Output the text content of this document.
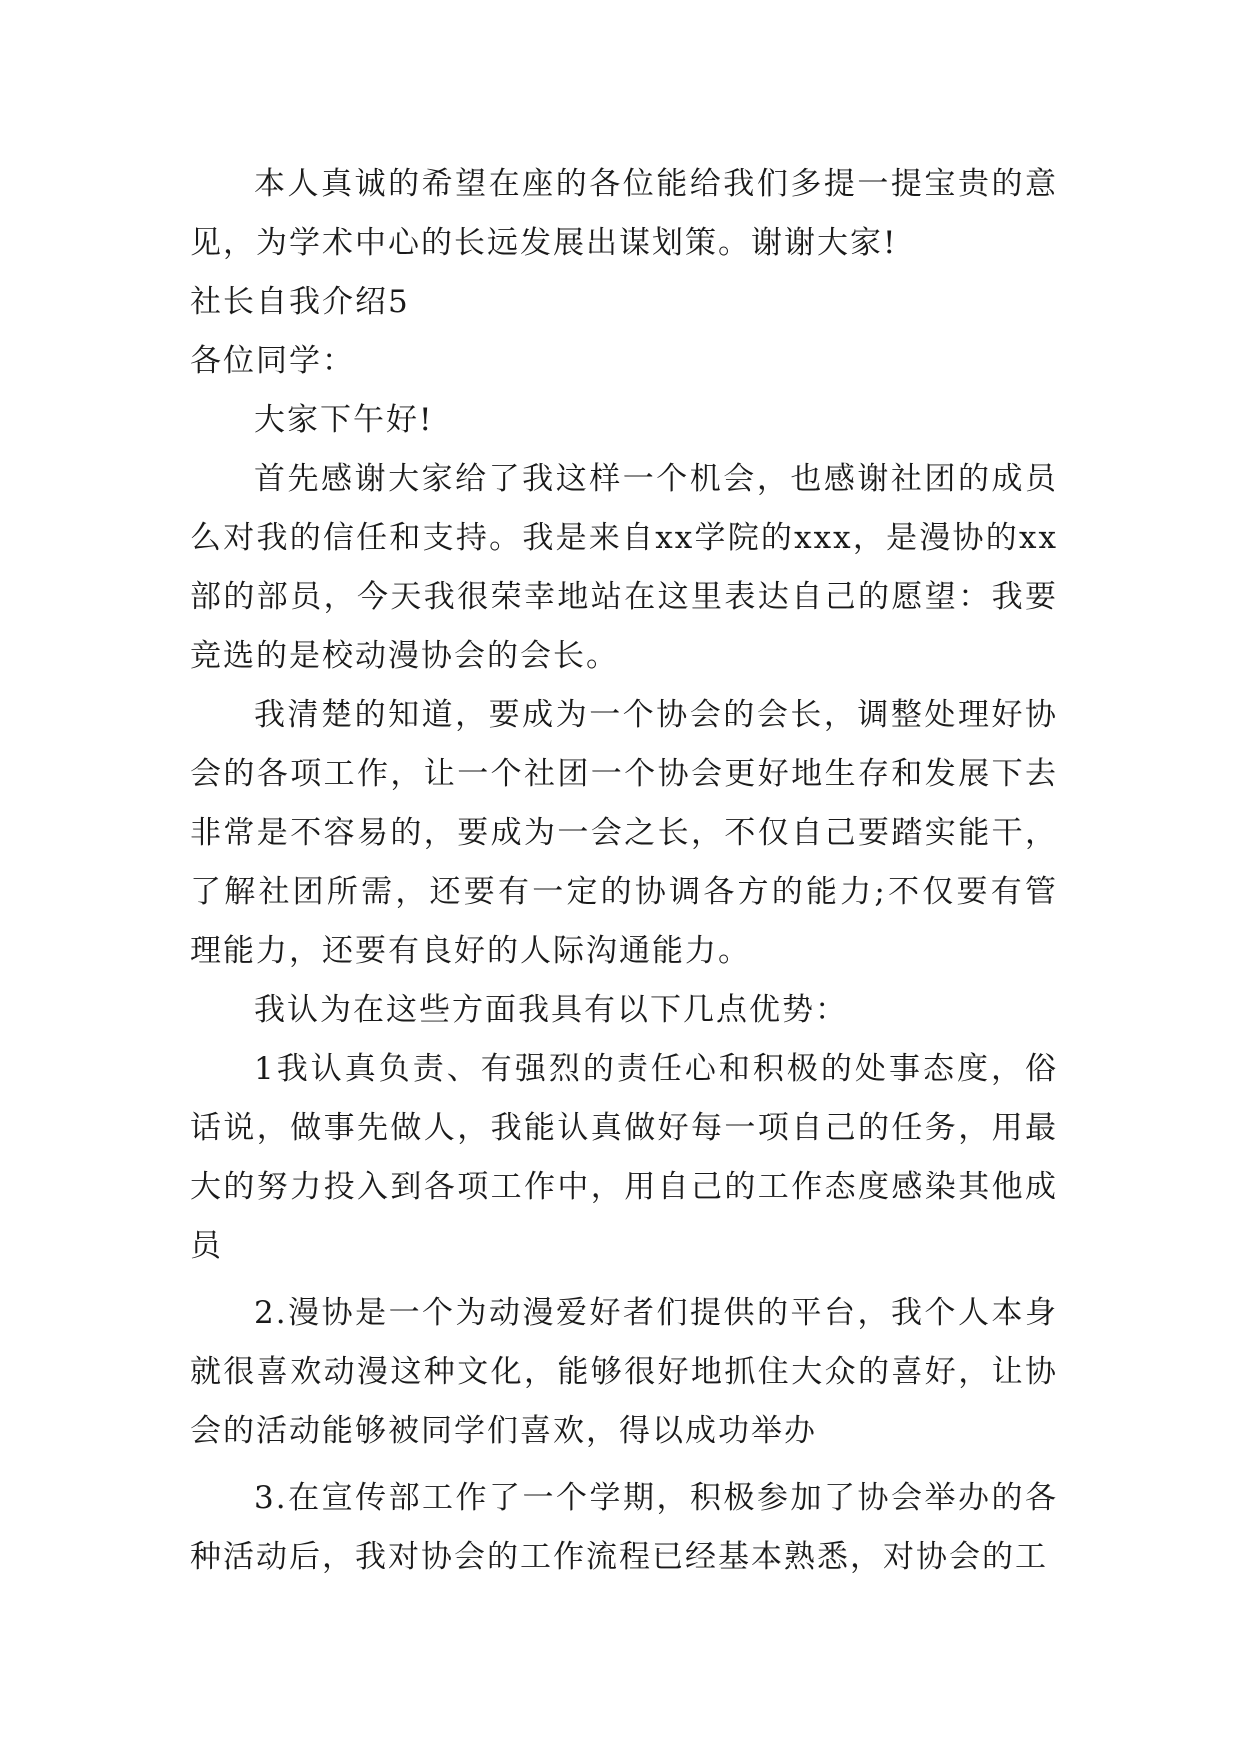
本人真诚的希望在座的各位能给我们多提一提宝贵的意见，为学术中心的长远发展出谋划策。谢谢大家!

社长自我介绍5

各位同学：

大家下午好!

首先感谢大家给了我这样一个机会，也感谢社团的成员么对我的信任和支持。我是来自xx学院的xxx，是漫协的xx部的部员，今天我很荣幸地站在这里表达自己的愿望：我要竞选的是校动漫协会的会长。

我清楚的知道，要成为一个协会的会长，调整处理好协会的各项工作，让一个社团一个协会更好地生存和发展下去非常是不容易的，要成为一会之长，不仅自己要踏实能干，了解社团所需，还要有一定的协调各方的能力;不仅要有管理能力，还要有良好的人际沟通能力。

我认为在这些方面我具有以下几点优势：

1我认真负责、有强烈的责任心和积极的处事态度，俗话说，做事先做人，我能认真做好每一项自己的任务，用最大的努力投入到各项工作中，用自己的工作态度感染其他成员

2.漫协是一个为动漫爱好者们提供的平台，我个人本身就很喜欢动漫这种文化，能够很好地抓住大众的喜好，让协会的活动能够被同学们喜欢，得以成功举办

3.在宣传部工作了一个学期，积极参加了协会举办的各种活动后，我对协会的工作流程已经基本熟悉，对协会的工
